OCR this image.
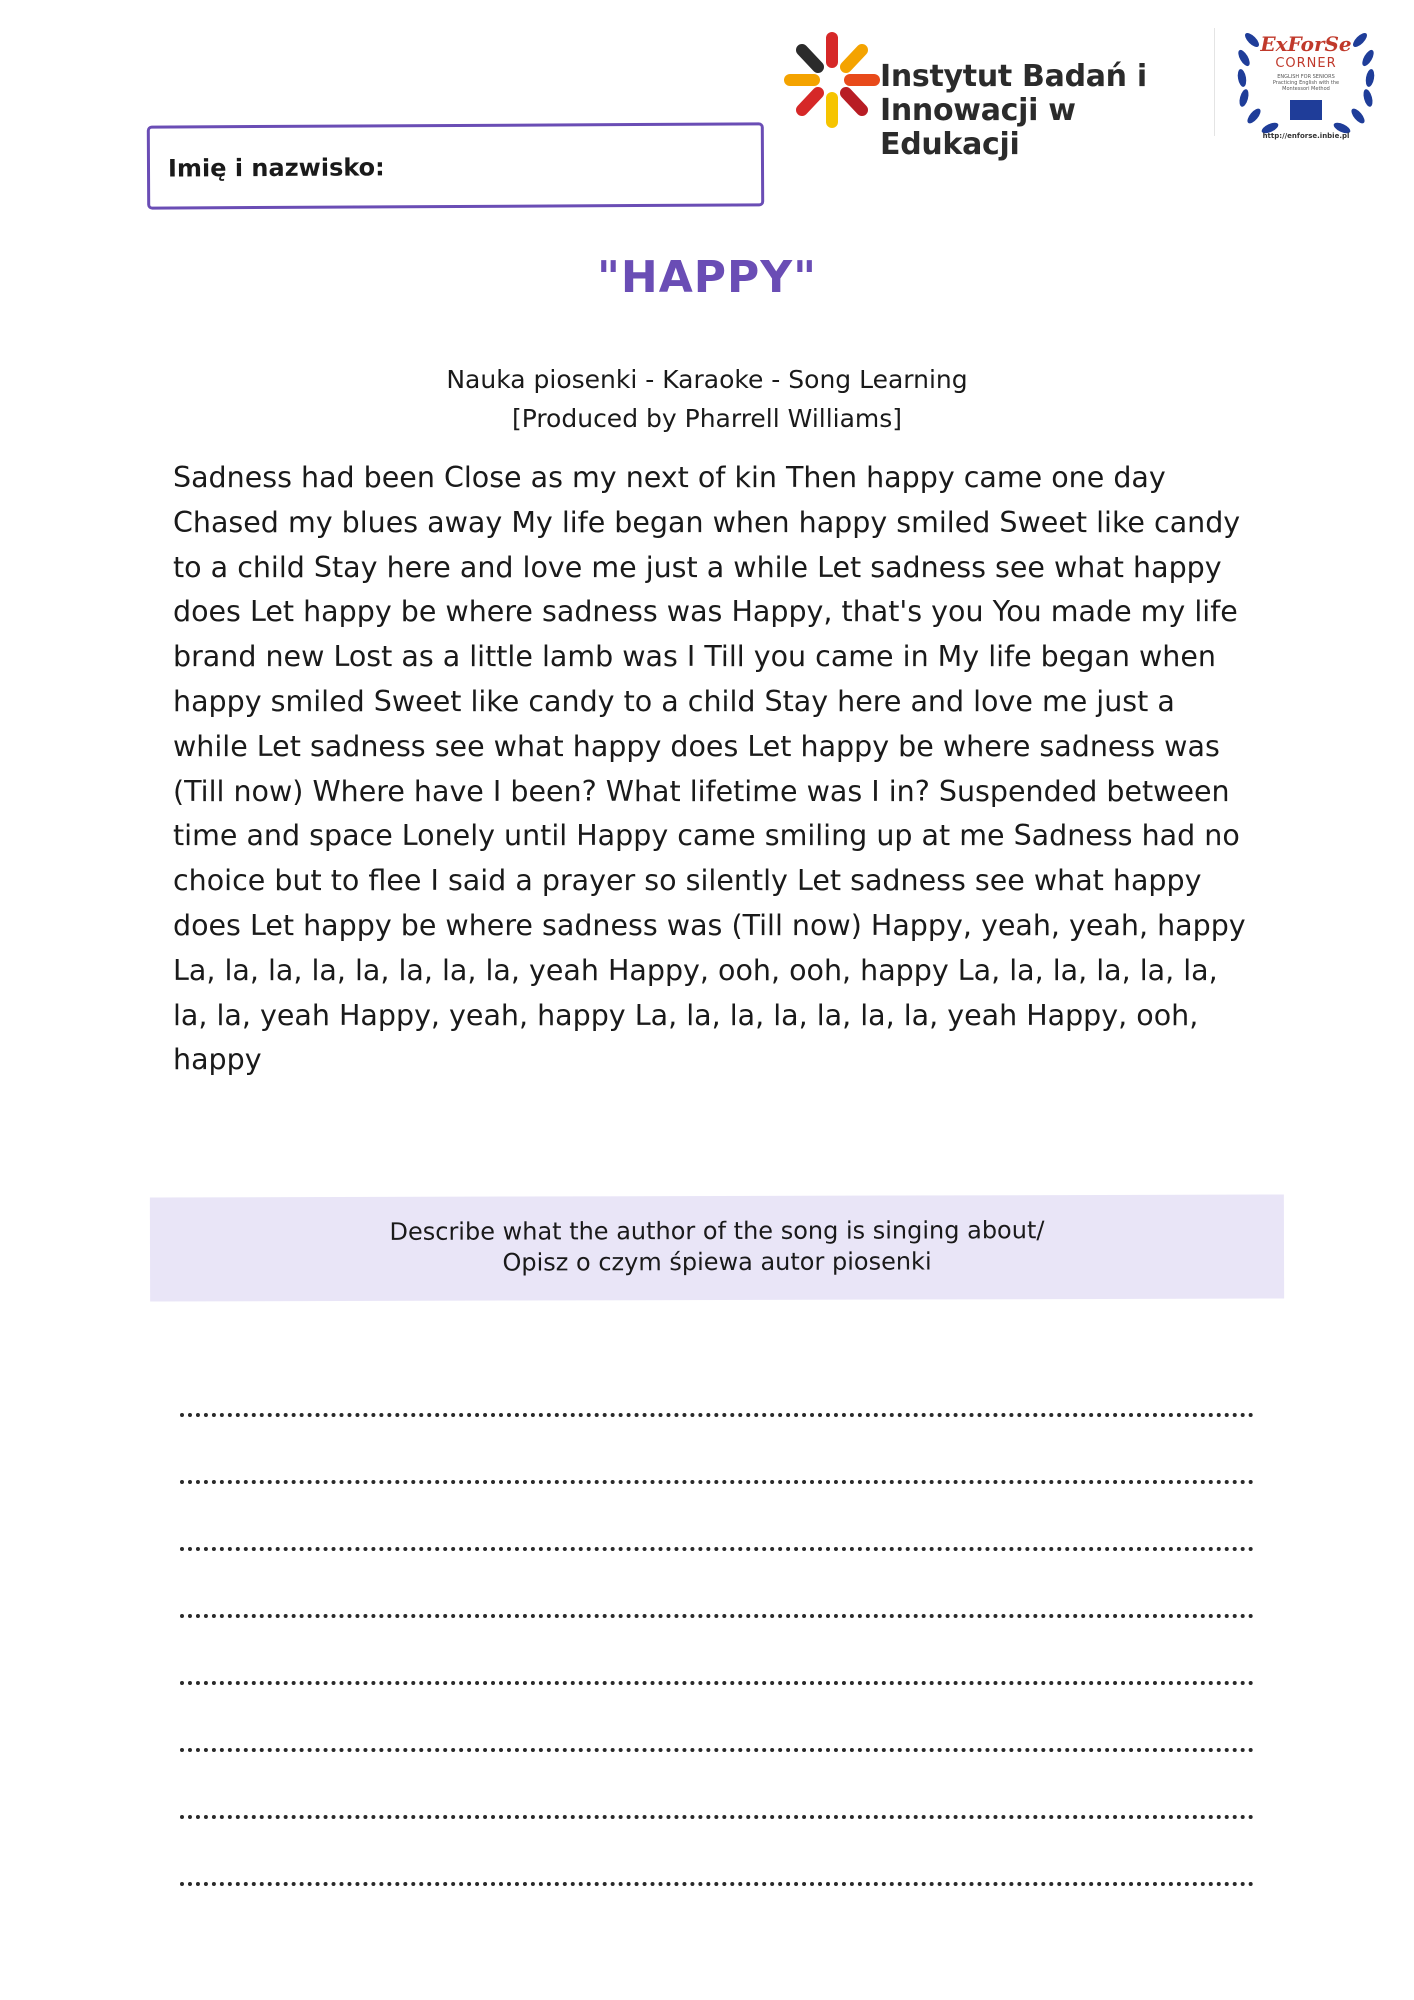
Instytut Badań i Innowacji w Edukacji
ExForSe
CORNER
ENGLISH FOR SENIORS Practicing English with the Montessori Method
http://enforse.inbie.pl
Imię i nazwisko:
"HAPPY"
Nauka piosenki - Karaoke - Song Learning
[Produced by Pharrell Williams]
Sadness had been Close as my next of kin Then happy came one day Chased my blues away My life began when happy smiled Sweet like candy to a child Stay here and love me just a while Let sadness see what happy does Let happy be where sadness was Happy, that's you You made my life brand new Lost as a little lamb was I Till you came in My life began when happy smiled Sweet like candy to a child Stay here and love me just a while Let sadness see what happy does Let happy be where sadness was (Till now) Where have I been? What lifetime was I in? Suspended between time and space Lonely until Happy came smiling up at me Sadness had no choice but to flee I said a prayer so silently Let sadness see what happy does Let happy be where sadness was (Till now) Happy, yeah, yeah, happy La, la, la, la, la, la, la, la, yeah Happy, ooh, ooh, happy La, la, la, la, la, la, la, la, yeah Happy, yeah, happy La, la, la, la, la, la, la, yeah Happy, ooh, happy
Describe what the author of the song is singing about/
Opisz o czym śpiewa autor piosenki
